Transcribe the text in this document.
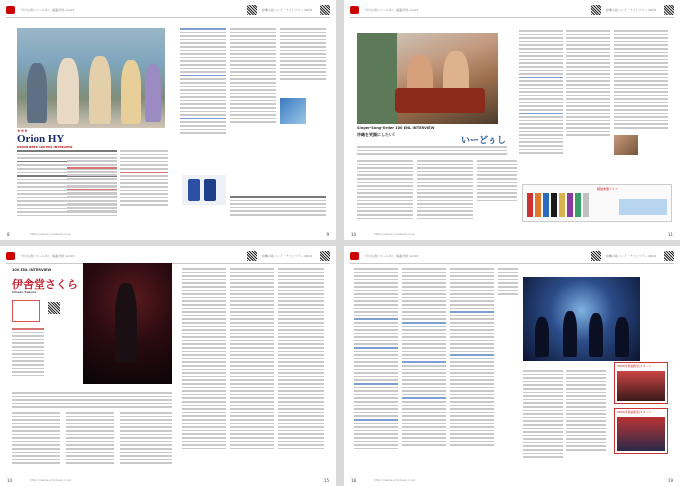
「今日の君にエールを!」連載対談 vol.01	沖縄の島バンド・ナイトツアー 2024
★★★
Orion HY
ORION BEER 100 ENL INTERVIEW
https://www.orionbeer.co.jp
8	9
「今日の君にエールを!」連載対談 vol.01	沖縄の島バンド・ナイトツアー 2024
Singer-Song-Order 100 ENL INTERVIEW
沖縄を笑顔にしたい!
いーどぅし
鍵盤楽器ライブ
https://www.orionbeer.co.jp
10	11
「今日の君にエールを!」連載対談 vol.01	沖縄の島バンド・ナイトツアー 2024
100 ENL INTERVIEW
伊舎堂さくら
Ishado Sakura
https://www.orionbeer.co.jp
14	15
「今日の君にエールを!」連載対談 vol.01	沖縄の島バンド・ナイトツアー 2024
2024年新曲配信スタート
2024年新曲配信スタート
https://www.orionbeer.co.jp
18	19
